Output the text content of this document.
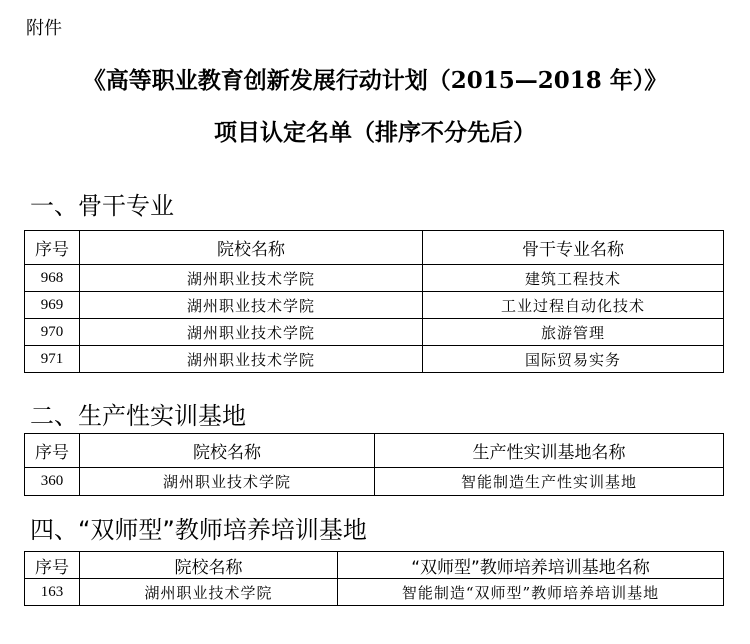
附件
《高等职业教育创新发展行动计划（2015—2018 年）》
项目认定名单（排序不分先后）
一、骨干专业
序号	院校名称	骨干专业名称
968	湖州职业技术学院	建筑工程技术
969	湖州职业技术学院	工业过程自动化技术
970	湖州职业技术学院	旅游管理
971	湖州职业技术学院	国际贸易实务
二、生产性实训基地
序号	院校名称	生产性实训基地名称
360	湖州职业技术学院	智能制造生产性实训基地
四、“双师型”教师培养培训基地
序号	院校名称	“双师型”教师培养培训基地名称
163	湖州职业技术学院	智能制造“双师型”教师培养培训基地
